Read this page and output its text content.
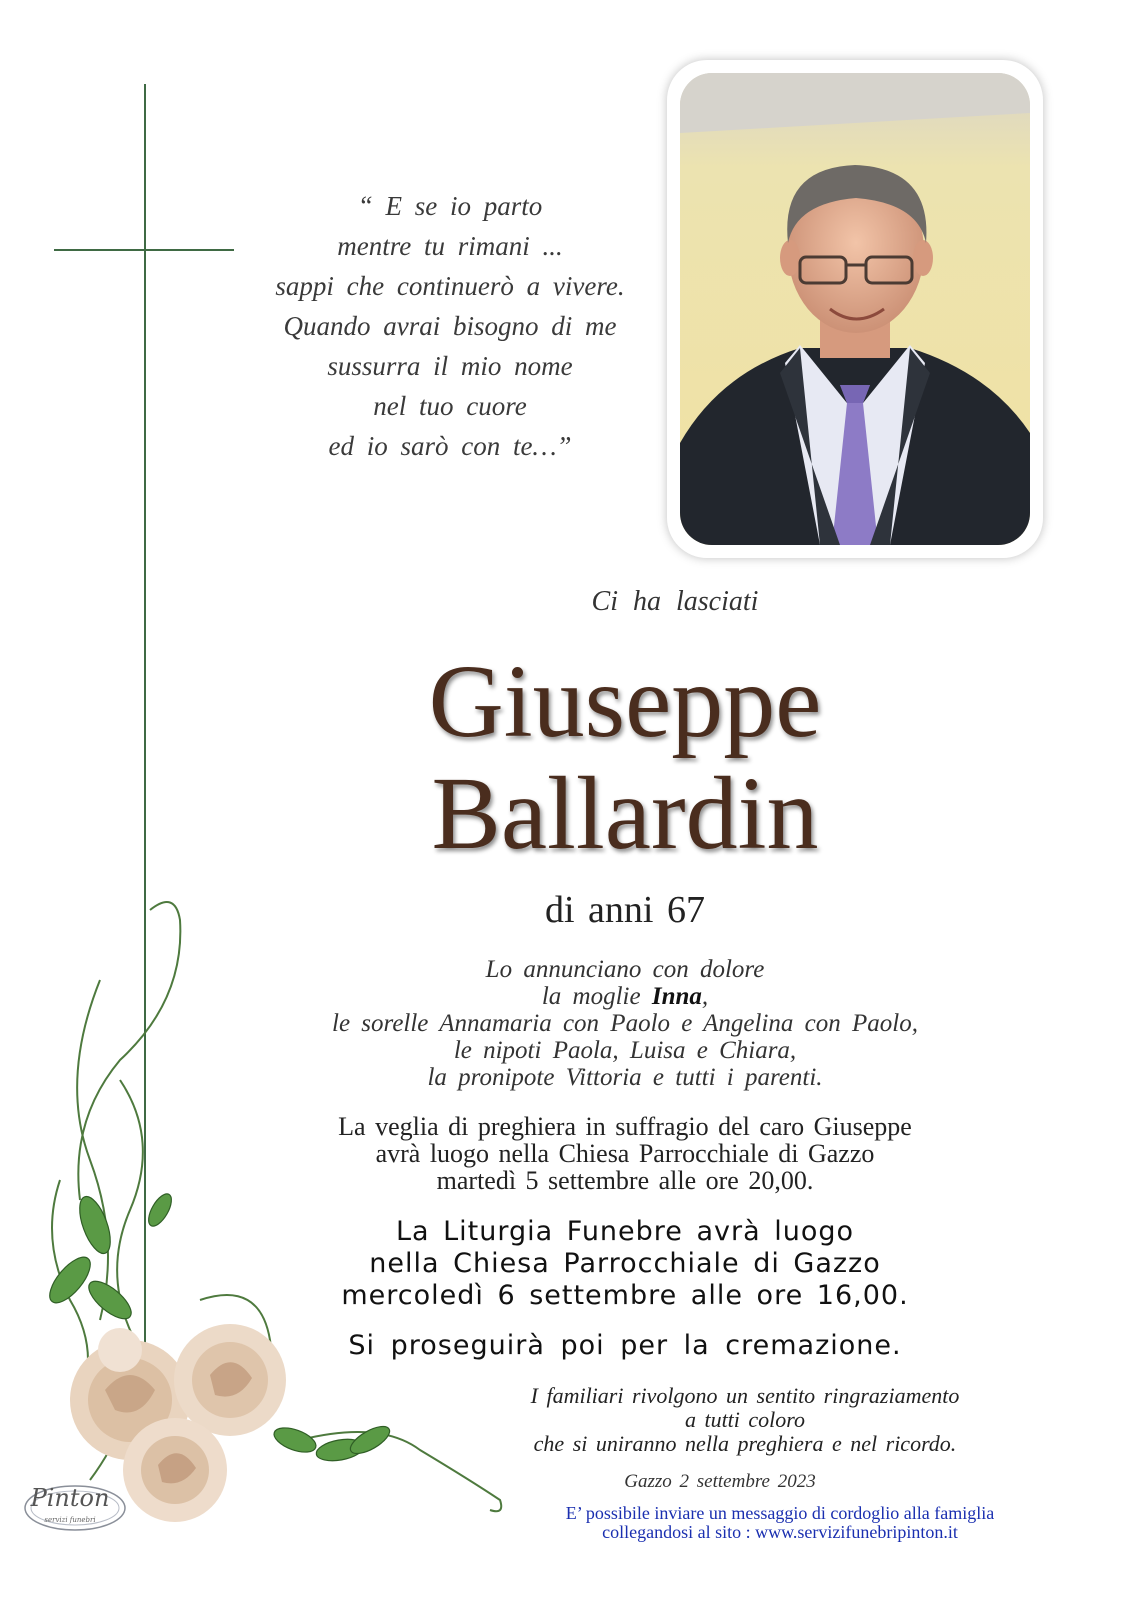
“ E se io parto
mentre tu rimani ...
sappi che continuerò a vivere.
Quando avrai bisogno di me
sussurra il mio nome
nel tuo cuore
ed io sarò con te…”
Ci ha lasciati
Giuseppe
Ballardin
di anni 67
Lo annunciano con dolore
la moglie Inna,
le sorelle Annamaria con Paolo e Angelina con Paolo,
le nipoti Paola, Luisa e Chiara,
la pronipote Vittoria e tutti i parenti.
La veglia di preghiera in suffragio del caro Giuseppe
avrà luogo nella Chiesa Parrocchiale di Gazzo
martedì 5 settembre alle ore 20,00.
La Liturgia Funebre avrà luogo
nella Chiesa Parrocchiale di Gazzo
mercoledì 6 settembre alle ore 16,00.
Si proseguirà poi per la cremazione.
I familiari rivolgono un sentito ringraziamento
a tutti coloro
che si uniranno nella preghiera e nel ricordo.
Gazzo 2 settembre 2023
E’ possibile inviare un messaggio di cordoglio alla famiglia
collegandosi al sito : www.servizifunebripinton.it
Pinton
servizi funebri
